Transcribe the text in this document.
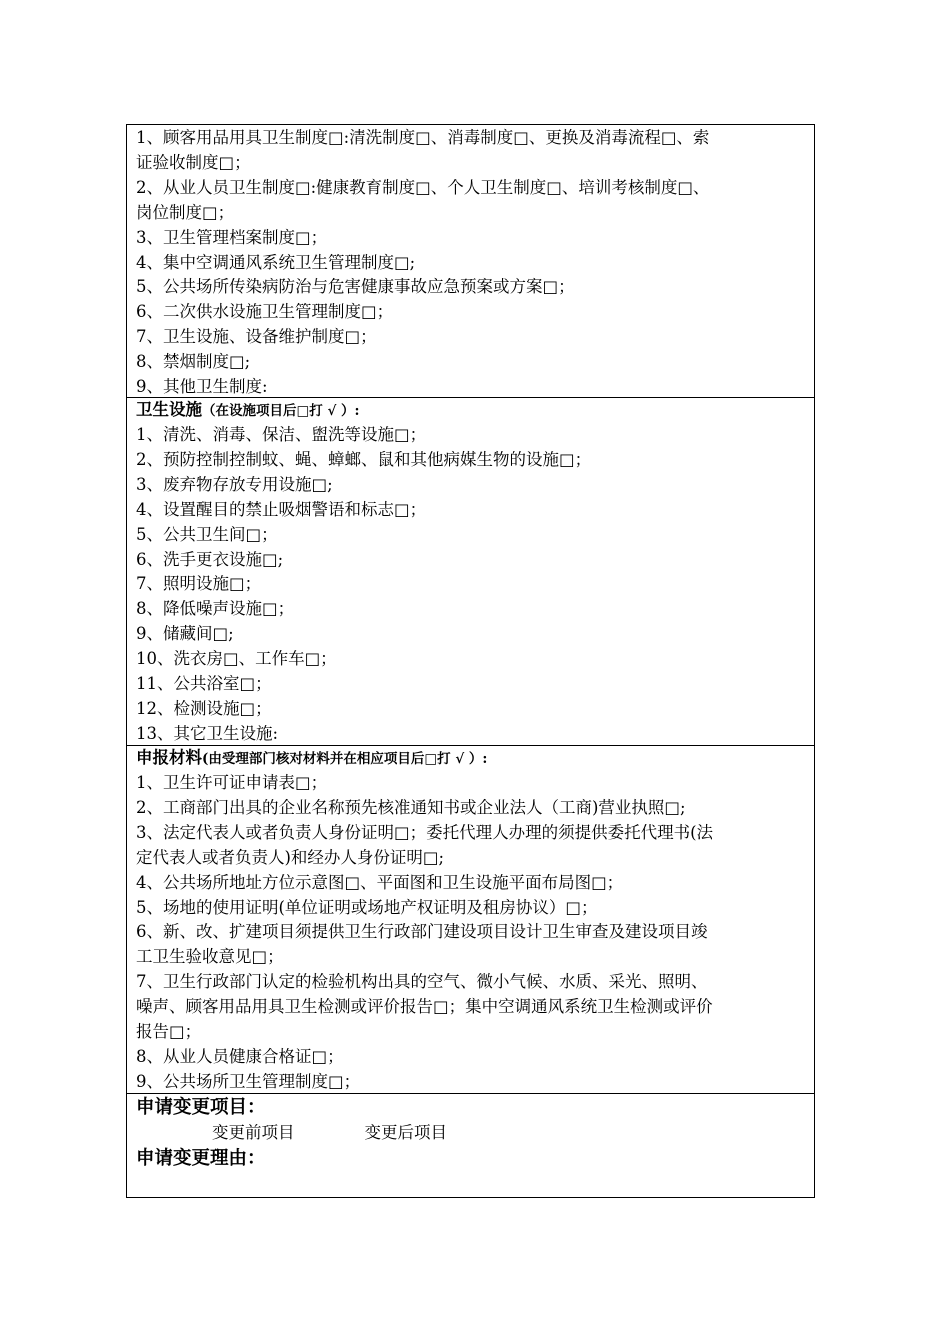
1、顾客用品用具卫生制度□:清洗制度□、消毒制度□、更换及消毒流程□、索
证验收制度□；
2、从业人员卫生制度□:健康教育制度□、个人卫生制度□、培训考核制度□、
岗位制度□；
3、卫生管理档案制度□；
4、集中空调通风系统卫生管理制度□;
5、公共场所传染病防治与危害健康事故应急预案或方案□；
6、二次供水设施卫生管理制度□；
7、卫生设施、设备维护制度□；
8、禁烟制度□;
9、其他卫生制度:
卫生设施（在设施项目后□打 √ ）:
1、清洗、消毒、保洁、盥洗等设施□；
2、预防控制控制蚊、蝇、蟑螂、鼠和其他病媒生物的设施□；
3、废弃物存放专用设施□;
4、设置醒目的禁止吸烟警语和标志□；
5、公共卫生间□；
6、洗手更衣设施□;
7、照明设施□；
8、降低噪声设施□；
9、储藏间□;
10、洗衣房□、工作车□；
11、公共浴室□；
12、检测设施□；
13、其它卫生设施:
申报材料(由受理部门核对材料并在相应项目后□打 √ ）:
1、卫生许可证申请表□；
2、工商部门出具的企业名称预先核准通知书或企业法人（工商)营业执照□;
3、法定代表人或者负责人身份证明□；委托代理人办理的须提供委托代理书(法
定代表人或者负责人)和经办人身份证明□;
4、公共场所地址方位示意图□、平面图和卫生设施平面布局图□；
5、场地的使用证明(单位证明或场地产权证明及租房协议）□；
6、新、改、扩建项目须提供卫生行政部门建设项目设计卫生审查及建设项目竣
工卫生验收意见□；
7、卫生行政部门认定的检验机构出具的空气、微小气候、水质、采光、照明、
噪声、顾客用品用具卫生检测或评价报告□；集中空调通风系统卫生检测或评价
报告□；
8、从业人员健康合格证□；
9、公共场所卫生管理制度□；
申请变更项目：
变更前项目	变更后项目
申请变更理由：
